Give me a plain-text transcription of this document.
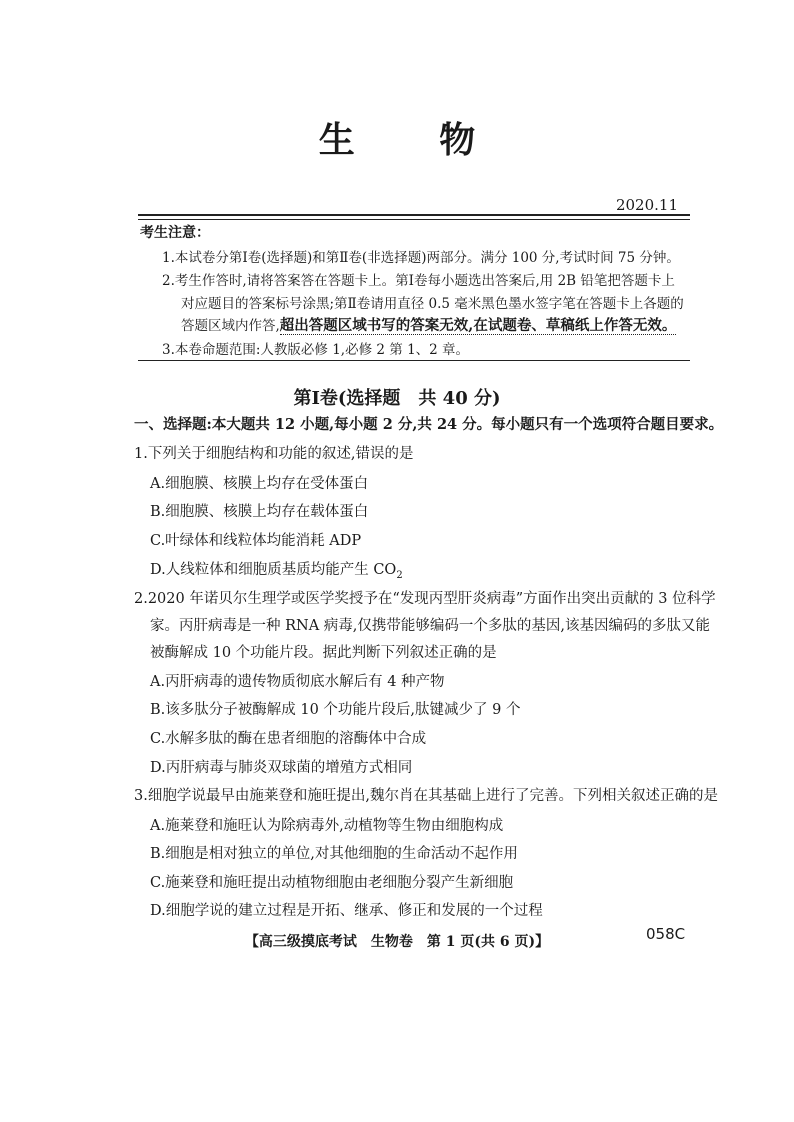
生 物
2020.11
考生注意：
1.本试卷分第Ⅰ卷(选择题)和第Ⅱ卷(非选择题)两部分。满分 100 分,考试时间 75 分钟。
2.考生作答时,请将答案答在答题卡上。第Ⅰ卷每小题选出答案后,用 2B 铅笔把答题卡上
对应题目的答案标号涂黑;第Ⅱ卷请用直径 0.5 毫米黑色墨水签字笔在答题卡上各题的
答题区域内作答,超出答题区域书写的答案无效,在试题卷、草稿纸上作答无效。
3.本卷命题范围:人教版必修 1,必修 2 第 1、2 章。
第Ⅰ卷(选择题　共 40 分)
一、选择题:本大题共 12 小题,每小题 2 分,共 24 分。每小题只有一个选项符合题目要求。
1.下列关于细胞结构和功能的叙述,错误的是
A.细胞膜、核膜上均存在受体蛋白
B.细胞膜、核膜上均存在载体蛋白
C.叶绿体和线粒体均能消耗 ADP
D.人线粒体和细胞质基质均能产生 $CO_2$
2.2020 年诺贝尔生理学或医学奖授予在“发现丙型肝炎病毒”方面作出突出贡献的 3 位科学
家。丙肝病毒是一种 RNA 病毒,仅携带能够编码一个多肽的基因,该基因编码的多肽又能
被酶解成 10 个功能片段。据此判断下列叙述正确的是
A.丙肝病毒的遗传物质彻底水解后有 4 种产物
B.该多肽分子被酶解成 10 个功能片段后,肽键减少了 9 个
C.水解多肽的酶在患者细胞的溶酶体中合成
D.丙肝病毒与肺炎双球菌的增殖方式相同
3.细胞学说最早由施莱登和施旺提出,魏尔肖在其基础上进行了完善。下列相关叙述正确的是
A.施莱登和施旺认为除病毒外,动植物等生物由细胞构成
B.细胞是相对独立的单位,对其他细胞的生命活动不起作用
C.施莱登和施旺提出动植物细胞由老细胞分裂产生新细胞
D.细胞学说的建立过程是开拓、继承、修正和发展的一个过程
【高三级摸底考试　生物卷　第 1 页(共 6 页)】	058C
